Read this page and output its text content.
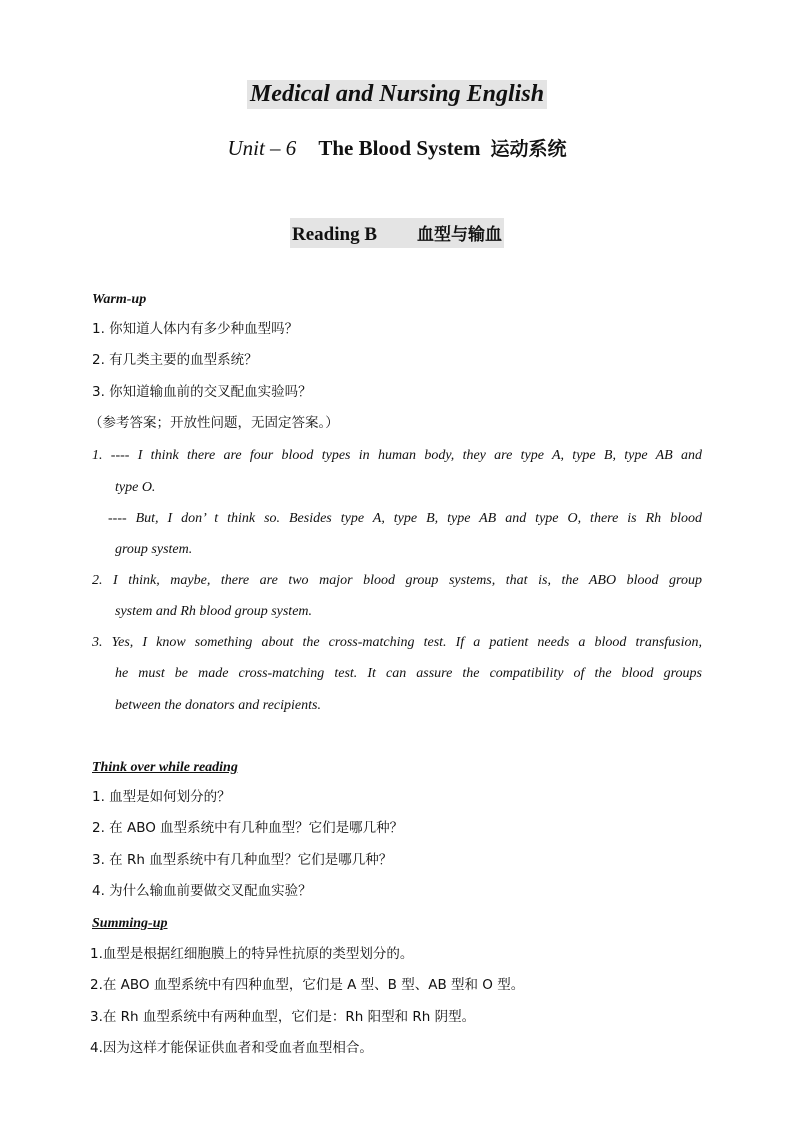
Medical and Nursing English
Unit – 6 The Blood System 运动系统
Reading B 血型与输血
Warm-up
1. 你知道人体内有多少种血型吗？
2. 有几类主要的血型系统？
3. 你知道输血前的交叉配血实验吗？
（参考答案；开放性问题，无固定答案。）
1. ---- I think there are four blood types in human body, they are type A, type B, type AB and
type O.
---- But, I don’ t think so. Besides type A, type B, type AB and type O, there is Rh blood
group system.
2. I think, maybe, there are two major blood group systems, that is, the ABO blood group
system and Rh blood group system.
3. Yes, I know something about the cross-matching test. If a patient needs a blood transfusion,
he must be made cross-matching test. It can assure the compatibility of the blood groups
between the donators and recipients.
Think over while reading
1. 血型是如何划分的？
2. 在 ABO 血型系统中有几种血型？它们是哪几种？
3. 在 Rh 血型系统中有几种血型？它们是哪几种？
4. 为什么输血前要做交叉配血实验？
Summing-up
1.血型是根据红细胞膜上的特异性抗原的类型划分的。
2.在 ABO 血型系统中有四种血型，它们是 A 型、B 型、AB 型和 O 型。
3.在 Rh 血型系统中有两种血型，它们是：Rh 阳型和 Rh 阴型。
4.因为这样才能保证供血者和受血者血型相合。
